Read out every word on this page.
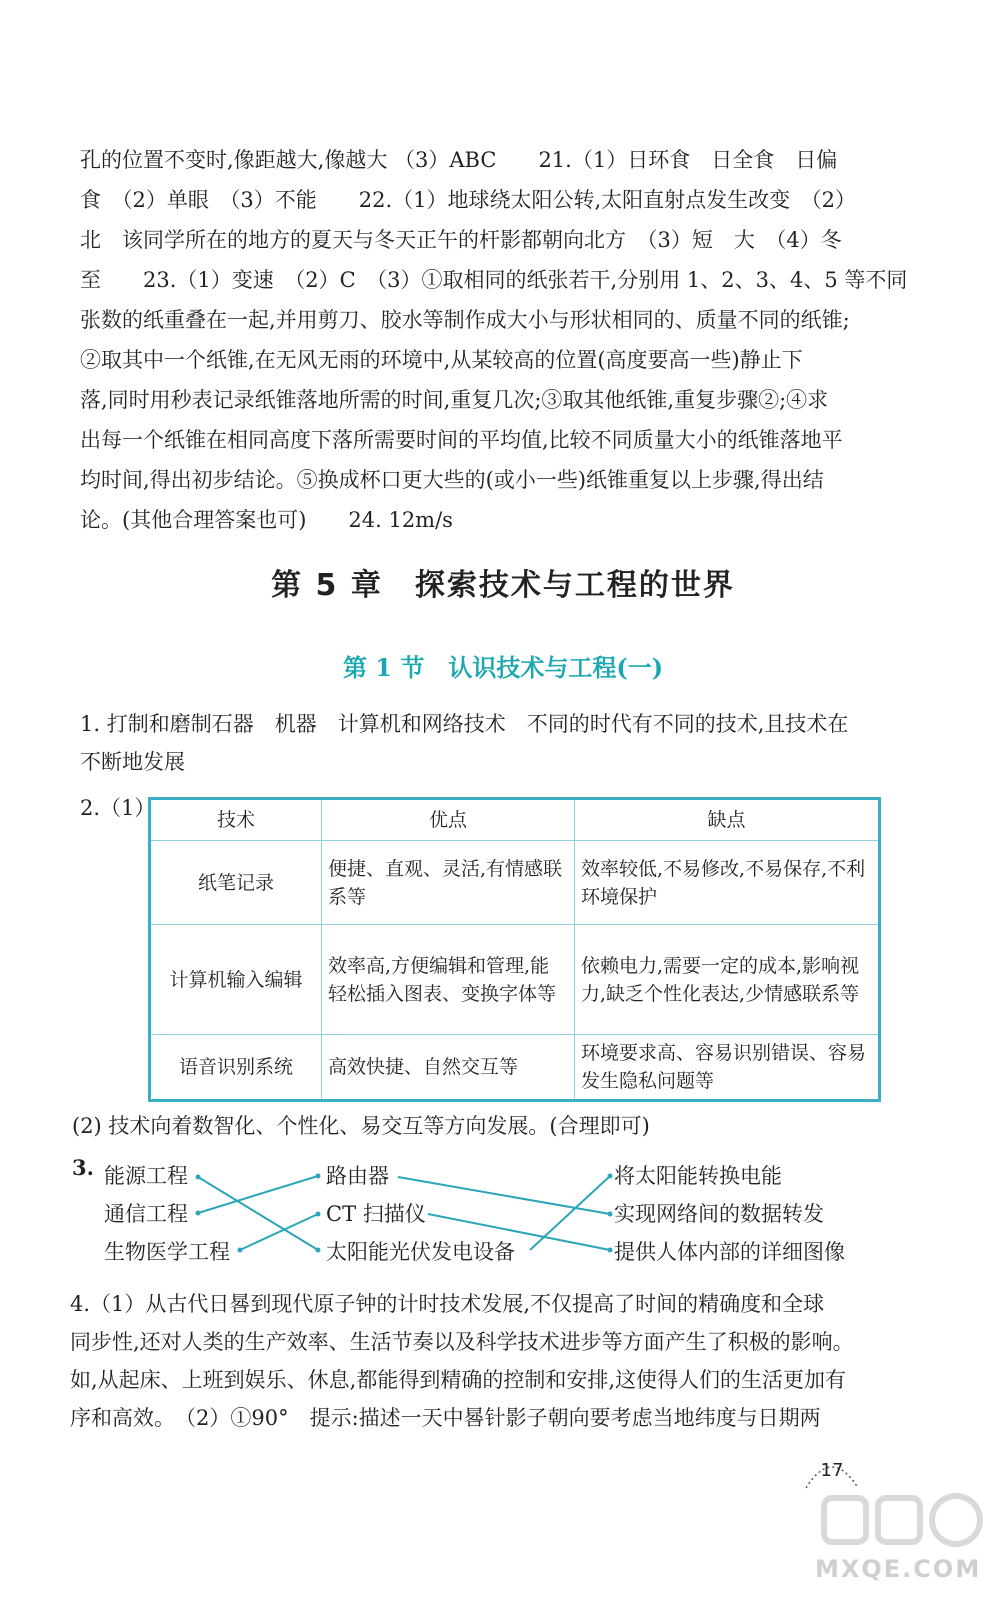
孔的位置不变时,像距越大,像越大 （3）ABC　　21.（1）日环食　日全食　日偏
食　（2）单眼　（3）不能　　22.（1）地球绕太阳公转,太阳直射点发生改变　（2）
北　该同学所在的地方的夏天与冬天正午的杆影都朝向北方　（3）短　大　（4）冬
至　　23.（1）变速　（2）C　（3）①取相同的纸张若干,分别用 1、2、3、4、5 等不同
张数的纸重叠在一起,并用剪刀、胶水等制作成大小与形状相同的、质量不同的纸锥;
②取其中一个纸锥,在无风无雨的环境中,从某较高的位置(高度要高一些)静止下
落,同时用秒表记录纸锥落地所需的时间,重复几次;③取其他纸锥,重复步骤②;④求
出每一个纸锥在相同高度下落所需要时间的平均值,比较不同质量大小的纸锥落地平
均时间,得出初步结论。⑤换成杯口更大些的(或小一些)纸锥重复以上步骤,得出结
论。(其他合理答案也可)　　24. 12m/s
第 5 章　探索技术与工程的世界
第 1 节　认识技术与工程(一)
1. 打制和磨制石器　机器　计算机和网络技术　不同的时代有不同的技术,且技术在
不断地发展
2.（1）	技术	优点	缺点
纸笔记录	便捷、直观、灵活,有情感联系等	效率较低,不易修改,不易保存,不利环境保护
计算机输入编辑	效率高,方便编辑和管理,能轻松插入图表、变换字体等	依赖电力,需要一定的成本,影响视力,缺乏个性化表达,少情感联系等
语音识别系统	高效快捷、自然交互等	环境要求高、容易识别错误、容易发生隐私问题等
(2) 技术向着数智化、个性化、易交互等方向发展。(合理即可)
3. 能源工程
通信工程
生物医学工程
路由器
CT 扫描仪
太阳能光伏发电设备
将太阳能转换电能
实现网络间的数据转发
提供人体内部的详细图像
4.（1）从古代日晷到现代原子钟的计时技术发展,不仅提高了时间的精确度和全球
同步性,还对人类的生产效率、生活节奏以及科学技术进步等方面产生了积极的影响。
如,从起床、上班到娱乐、休息,都能得到精确的控制和安排,这使得人们的生活更加有
序和高效。　（2）①90°　提示:描述一天中晷针影子朝向要考虑当地纬度与日期两
17
MXQE.COM
